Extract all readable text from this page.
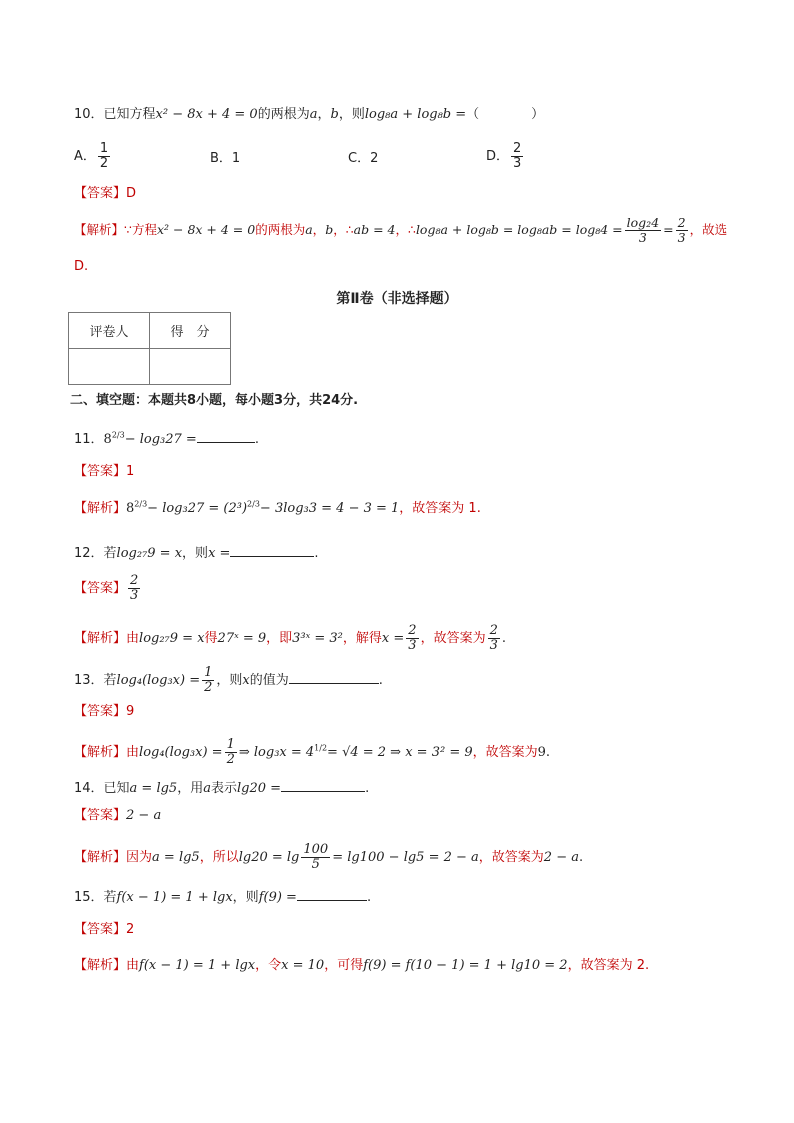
10．已知方程x² − 8x + 4 = 0的两根为a，b，则log₈a + log₈b =（　　　　）
A． $\frac{1}{2}$	B．1	C．2	D． $\frac{2}{3}$
【答案】D
【解析】∵方程x² − 8x + 4 = 0的两根为a，b，∴ab = 4，∴log₈a + $\log_8b = \log_8ab = \log_84 = \frac{\text{log₂4}}{3} = \frac{2}{3}$ ，故选
D.
第Ⅱ卷（非选择题）
评卷人	得　分

二、填空题：本题共8小题，每小题3分，共24分.
11．$8^{2/3}- \log_327$ =	.
【答案】1
【解析】$8^{2/3}- \log_327 = (2^3)^{2/3}- 3\log_33 = 4 - 3 = 1$，故答案为 1.
12．若log₂₇9 = x，则x =	.
【答案】 $\frac{2}{3}$
【解析】由log₂₇9 = x得27ˣ = 9，即3³ˣ = 3²，解得$x = \frac{2}{3}$ ，故答案为 $\frac{2}{3}$ .
13．若$\log_4(\log_3x) = \frac{1}{2}$ ，则x的值为	.
【答案】9
【解析】由$\log_4(\log_3x) = \frac{1}{2}$ ⇒ $\log_3x = 4^{1/2}= √4 = 2$ ⇒ x = 3² = 9，故答案为9.
14．已知a = lg5，用a表示lg20 =	.
【答案】2 − a
【解析】因为a = lg5，所以$\lg 20 = \lg \frac{100}{5} = \lg 100 - \lg 5 = 2 - a$，故答案为2 − a.
15．若f(x − 1) = 1 + lgx，则f(9) =	.
【答案】2
【解析】由f(x − 1) = 1 + lgx，令x = 10，可得f(9) = f(10 − 1) = 1 + lg10 = 2，故答案为 2.
